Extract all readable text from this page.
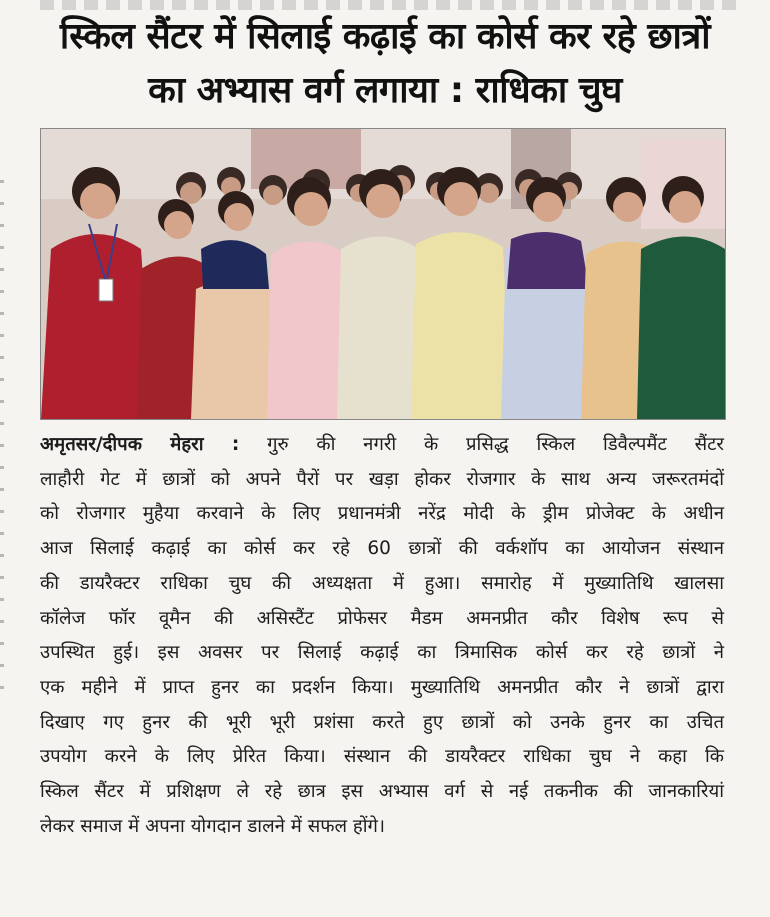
स्किल सैंटर में सिलाई कढ़ाई का कोर्स कर रहे छात्रों
का अभ्यास वर्ग लगाया : राधिका चुघ
अमृतसर/दीपक मेहरा : गुरु की नगरी के प्रसिद्ध स्किल डिवैल्पमैंट सैंटर
लाहौरी गेट में छात्रों को अपने पैरों पर खड़ा होकर रोजगार के साथ अन्य जरूरतमंदों
को रोजगार मुहैया करवाने के लिए प्रधानमंत्री नरेंद्र मोदी के ड्रीम प्रोजेक्ट के अधीन
आज सिलाई कढ़ाई का कोर्स कर रहे 60 छात्रों की वर्कशॉप का आयोजन संस्थान
की डायरैक्टर राधिका चुघ की अध्यक्षता में हुआ। समारोह में मुख्यातिथि खालसा
कॉलेज फॉर वूमैन की असिस्टैंट प्रोफेसर मैडम अमनप्रीत कौर विशेष रूप से
उपस्थित हुई। इस अवसर पर सिलाई कढ़ाई का त्रिमासिक कोर्स कर रहे छात्रों ने
एक महीने में प्राप्त हुनर का प्रदर्शन किया। मुख्यातिथि अमनप्रीत कौर ने छात्रों द्वारा
दिखाए गए हुनर की भूरी भूरी प्रशंसा करते हुए छात्रों को उनके हुनर का उचित
उपयोग करने के लिए प्रेरित किया। संस्थान की डायरैक्टर राधिका चुघ ने कहा कि
स्किल सैंटर में प्रशिक्षण ले रहे छात्र इस अभ्यास वर्ग से नई तकनीक की जानकारियां
लेकर समाज में अपना योगदान डालने में सफल होंगे।
